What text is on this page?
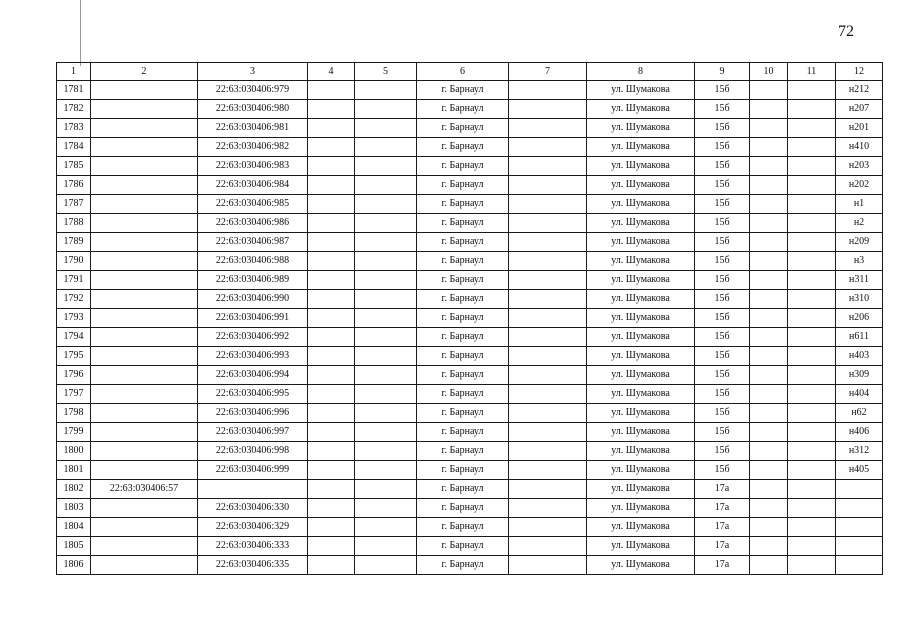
72
1	2	3	4	5	6	7	8	9	10	11	12
1781		22:63:030406:979			г. Барнаул		ул. Шумакова	15б			н212
1782		22:63:030406:980			г. Барнаул		ул. Шумакова	15б			н207
1783		22:63:030406:981			г. Барнаул		ул. Шумакова	15б			н201
1784		22:63:030406:982			г. Барнаул		ул. Шумакова	15б			н410
1785		22:63:030406:983			г. Барнаул		ул. Шумакова	15б			н203
1786		22:63:030406:984			г. Барнаул		ул. Шумакова	15б			н202
1787		22:63:030406:985			г. Барнаул		ул. Шумакова	15б			н1
1788		22:63:030406:986			г. Барнаул		ул. Шумакова	15б			н2
1789		22:63:030406:987			г. Барнаул		ул. Шумакова	15б			н209
1790		22:63:030406:988			г. Барнаул		ул. Шумакова	15б			н3
1791		22:63:030406:989			г. Барнаул		ул. Шумакова	15б			н311
1792		22:63:030406:990			г. Барнаул		ул. Шумакова	15б			н310
1793		22:63:030406:991			г. Барнаул		ул. Шумакова	15б			н206
1794		22:63:030406:992			г. Барнаул		ул. Шумакова	15б			н611
1795		22:63:030406:993			г. Барнаул		ул. Шумакова	15б			н403
1796		22:63:030406:994			г. Барнаул		ул. Шумакова	15б			н309
1797		22:63:030406:995			г. Барнаул		ул. Шумакова	15б			н404
1798		22:63:030406:996			г. Барнаул		ул. Шумакова	15б			н62
1799		22:63:030406:997			г. Барнаул		ул. Шумакова	15б			н406
1800		22:63:030406:998			г. Барнаул		ул. Шумакова	15б			н312
1801		22:63:030406:999			г. Барнаул		ул. Шумакова	15б			н405
1802	22:63:030406:57				г. Барнаул		ул. Шумакова	17а			
1803		22:63:030406:330			г. Барнаул		ул. Шумакова	17а			
1804		22:63:030406:329			г. Барнаул		ул. Шумакова	17а			
1805		22:63:030406:333			г. Барнаул		ул. Шумакова	17а			
1806		22:63:030406:335			г. Барнаул		ул. Шумакова	17а			
